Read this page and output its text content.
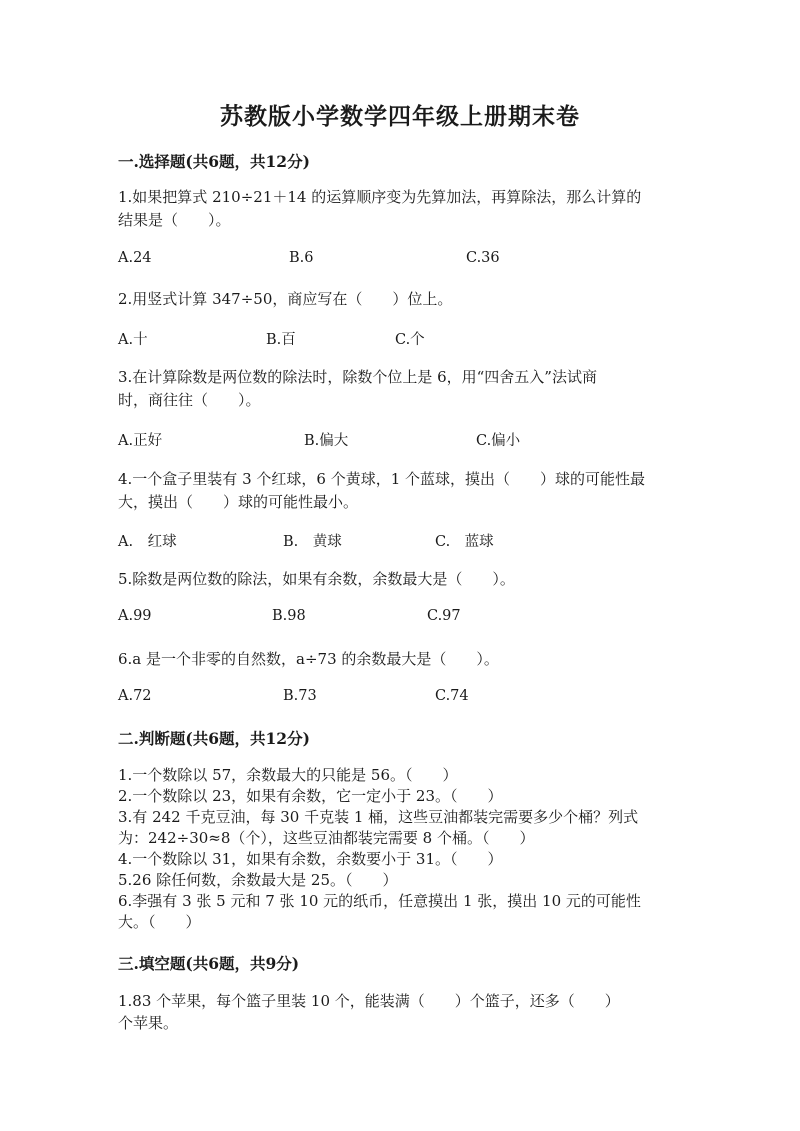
苏教版小学数学四年级上册期末卷
一.选择题(共6题，共12分)
1.如果把算式 210÷21＋14 的运算顺序变为先算加法，再算除法，那么计算的
结果是（　　）。
A.24	B.6	C.36
2.用竖式计算 347÷50，商应写在（　　）位上。
A.十	B.百	C.个
3.在计算除数是两位数的除法时，除数个位上是 6，用“四舍五入”法试商
时，商往往（　　）。
A.正好	B.偏大	C.偏小
4.一个盒子里装有 3 个红球，6 个黄球，1 个蓝球，摸出（　　）球的可能性最
大，摸出（　　）球的可能性最小。
A.　红球	B.　黄球	C.　蓝球
5.除数是两位数的除法，如果有余数，余数最大是（　　）。
A.99	B.98	C.97
6.a 是一个非零的自然数，a÷73 的余数最大是（　　）。
A.72	B.73	C.74
二.判断题(共6题，共12分)
1.一个数除以 57，余数最大的只能是 56。（　　）
2.一个数除以 23，如果有余数，它一定小于 23。（　　）
3.有 242 千克豆油，每 30 千克装 1 桶，这些豆油都装完需要多少个桶？列式
为：242÷30≈8（个），这些豆油都装完需要 8 个桶。（　　）
4.一个数除以 31，如果有余数，余数要小于 31。（　　）
5.26 除任何数，余数最大是 25。（　　）
6.李强有 3 张 5 元和 7 张 10 元的纸币，任意摸出 1 张，摸出 10 元的可能性
大。（　　）
三.填空题(共6题，共9分)
1.83 个苹果，每个篮子里装 10 个，能装满（　　）个篮子，还多（　　）
个苹果。
